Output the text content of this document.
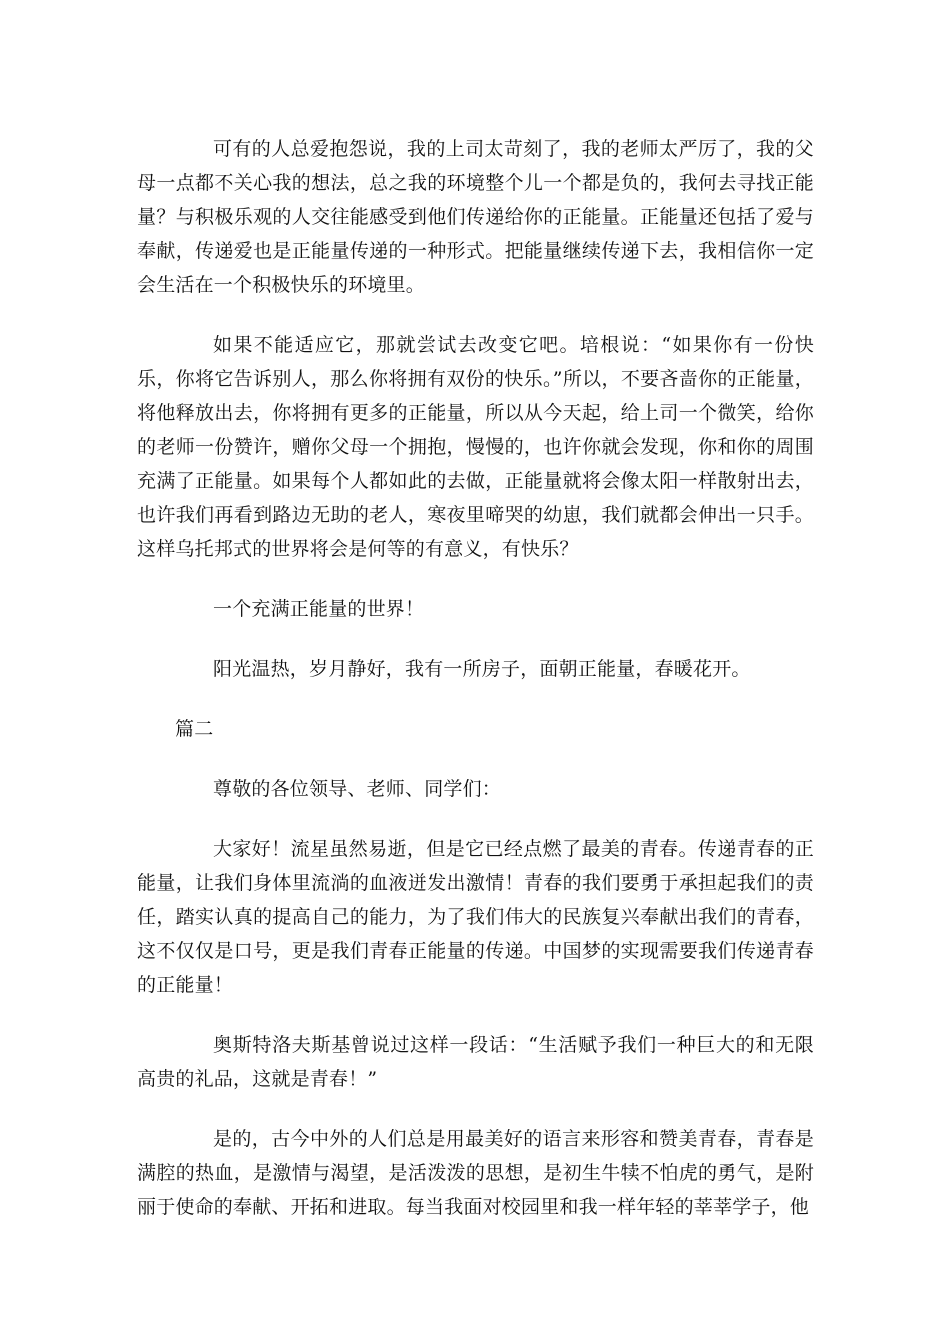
可有的人总爱抱怨说，我的上司太苛刻了，我的老师太严厉了，我的父母一点都不关心我的想法，总之我的环境整个儿一个都是负的，我何去寻找正能量？与积极乐观的人交往能感受到他们传递给你的正能量。正能量还包括了爱与奉献，传递爱也是正能量传递的一种形式。把能量继续传递下去，我相信你一定会生活在一个积极快乐的环境里。

如果不能适应它，那就尝试去改变它吧。培根说：“如果你有一份快乐，你将它告诉别人，那么你将拥有双份的快乐。”所以，不要吝啬你的正能量，将他释放出去，你将拥有更多的正能量，所以从今天起，给上司一个微笑，给你的老师一份赞许，赠你父母一个拥抱，慢慢的，也许你就会发现，你和你的周围充满了正能量。如果每个人都如此的去做，正能量就将会像太阳一样散射出去，也许我们再看到路边无助的老人，寒夜里啼哭的幼崽，我们就都会伸出一只手。这样乌托邦式的世界将会是何等的有意义，有快乐？

一个充满正能量的世界！

阳光温热，岁月静好，我有一所房子，面朝正能量，春暖花开。

篇二

尊敬的各位领导、老师、同学们：

大家好！流星虽然易逝，但是它已经点燃了最美的青春。传递青春的正能量，让我们身体里流淌的血液迸发出激情！青春的我们要勇于承担起我们的责任，踏实认真的提高自己的能力，为了我们伟大的民族复兴奉献出我们的青春，这不仅仅是口号，更是我们青春正能量的传递。中国梦的实现需要我们传递青春的正能量！

奥斯特洛夫斯基曾说过这样一段话：“生活赋予我们一种巨大的和无限高贵的礼品，这就是青春！”

是的，古今中外的人们总是用最美好的语言来形容和赞美青春，青春是满腔的热血，是激情与渴望，是活泼泼的思想，是初生牛犊不怕虎的勇气，是附丽于使命的奉献、开拓和进取。每当我面对校园里和我一样年轻的莘莘学子，他
